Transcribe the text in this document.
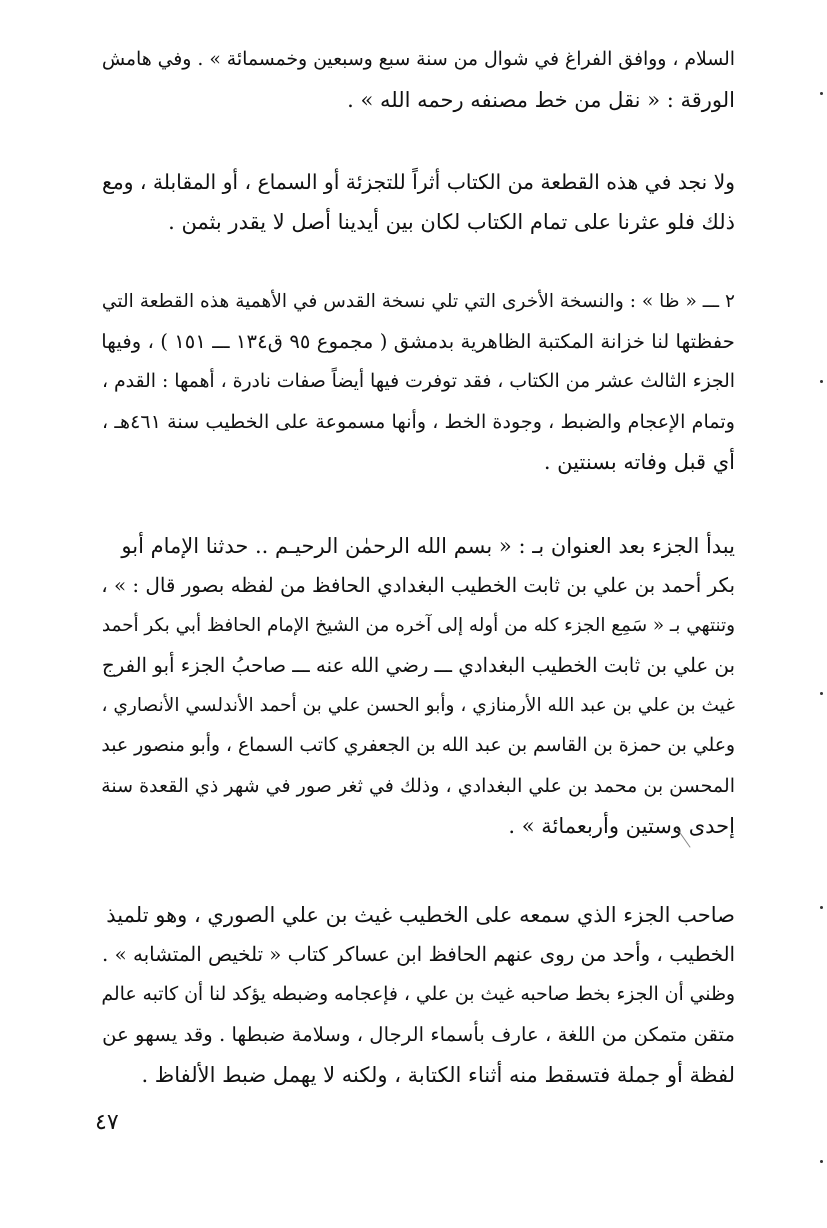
السلام ، ووافق الفراغ في شوال من سنة سبع وسبعين وخمسمائة » . وفي هامش
الورقة : « نقل من خط مصنفه رحمه الله » .
ولا نجد في هذه القطعة من الكتاب أثراً للتجزئة أو السماع ، أو المقابلة ، ومع
ذلك فلو عثرنا على تمام الكتاب لكان بين أيدينا أصل لا يقدر بثمن .
٢ ـــ « ظا » : والنسخة الأخرى التي تلي نسخة القدس في الأهمية هذه القطعة التي
حفظتها لنا خزانة المكتبة الظاهرية بدمشق ( مجموع ٩٥ ق١٣٤ ـــ ١٥١ ) ، وفيها
الجزء الثالث عشر من الكتاب ، فقد توفرت فيها أيضاً صفات نادرة ، أهمها : القدم ،
وتمام الإعجام والضبط ، وجودة الخط ، وأنها مسموعة على الخطيب سنة ٤٦١هـ ،
أي قبل وفاته بسنتين .
يبدأ الجزء بعد العنوان بـ : « بسم الله الرحمٰن الرحيـم .. حدثنا الإمام أبو
بكر أحمد بن علي بن ثابت الخطيب البغدادي الحافظ من لفظه بصور قال : » ،
وتنتهي بـ « سَمِع الجزء كله من أوله إلى آخره من الشيخ الإمام الحافظ أبي بكر أحمد
بن علي بن ثابت الخطيب البغدادي ـــ رضي الله عنه ـــ صاحبُ الجزء أبو الفرج
غيث بن علي بن عبد الله الأرمنازي ، وأبو الحسن علي بن أحمد الأندلسي الأنصاري ،
وعلي بن حمزة بن القاسم بن عبد الله بن الجعفري كاتب السماع ، وأبو منصور عبد
المحسن بن محمد بن علي البغدادي ، وذلك في ثغر صور في شهر ذي القعدة سنة
إحدى وستين وأربعمائة » .
صاحب الجزء الذي سمعه على الخطيب غيث بن علي الصوري ، وهو تلميذ
الخطيب ، وأحد من روى عنهم الحافظ ابن عساكر كتاب « تلخيص المتشابه » .
وظني أن الجزء بخط صاحبه غيث بن علي ، فإعجامه وضبطه يؤكد لنا أن كاتبه عالم
متقن متمكن من اللغة ، عارف بأسماء الرجال ، وسلامة ضبطها . وقد يسهو عن
لفظة أو جملة فتسقط منه أثناء الكتابة ، ولكنه لا يهمل ضبط الألفاظ .
٤٧
